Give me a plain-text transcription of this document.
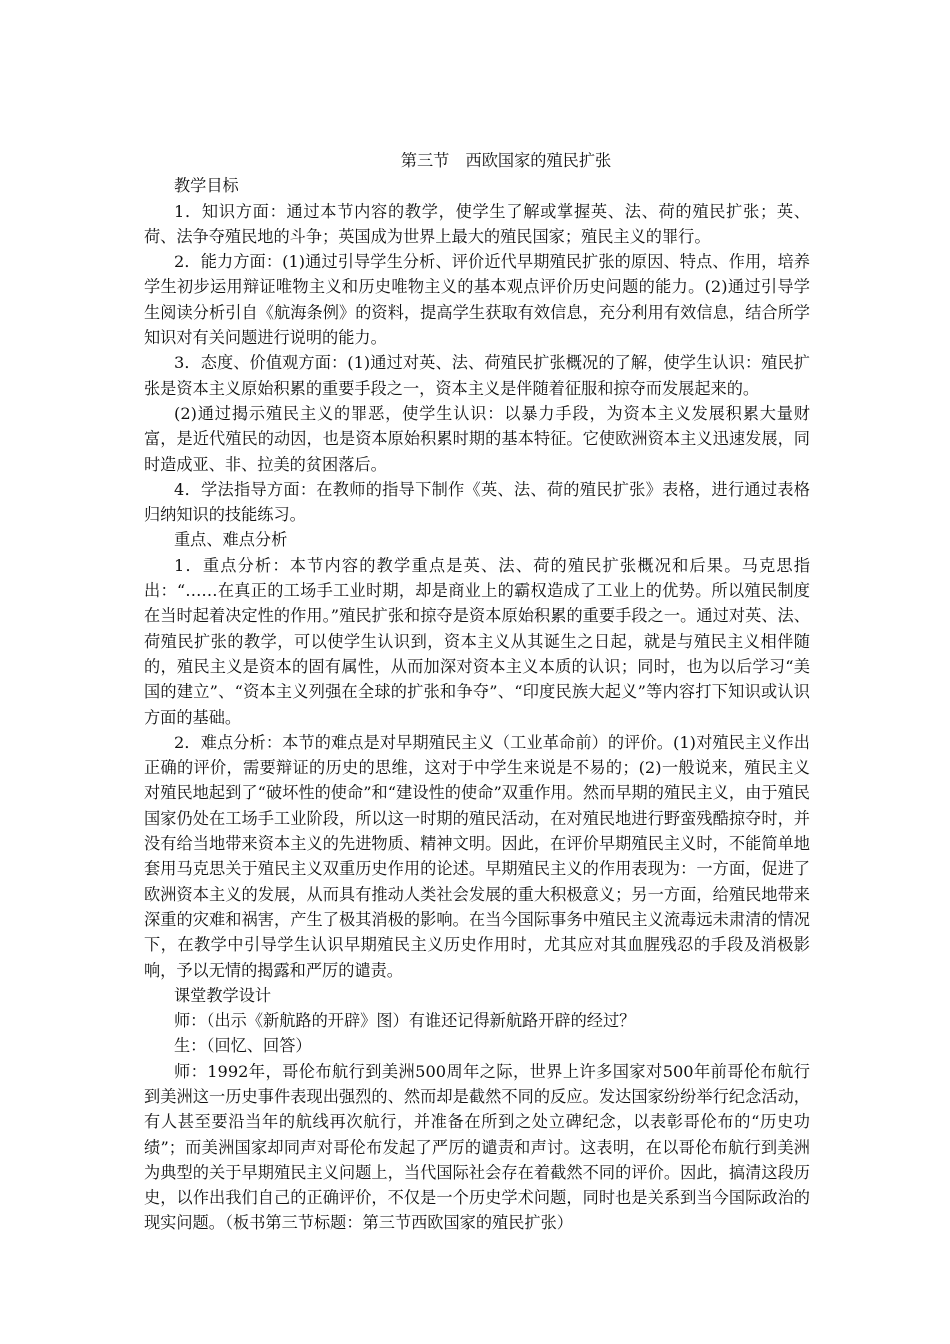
第三节　西欧国家的殖民扩张
教学目标

1．知识方面：通过本节内容的教学，使学生了解或掌握英、法、荷的殖民扩张；英、荷、法争夺殖民地的斗争；英国成为世界上最大的殖民国家；殖民主义的罪行。

2．能力方面：(1)通过引导学生分析、评价近代早期殖民扩张的原因、特点、作用，培养学生初步运用辩证唯物主义和历史唯物主义的基本观点评价历史问题的能力。(2)通过引导学生阅读分析引自《航海条例》的资料，提高学生获取有效信息，充分利用有效信息，结合所学知识对有关问题进行说明的能力。

3．态度、价值观方面：(1)通过对英、法、荷殖民扩张概况的了解，使学生认识：殖民扩张是资本主义原始积累的重要手段之一，资本主义是伴随着征服和掠夺而发展起来的。

(2)通过揭示殖民主义的罪恶，使学生认识：以暴力手段，为资本主义发展积累大量财富，是近代殖民的动因，也是资本原始积累时期的基本特征。它使欧洲资本主义迅速发展，同时造成亚、非、拉美的贫困落后。

4．学法指导方面：在教师的指导下制作《英、法、荷的殖民扩张》表格，进行通过表格归纳知识的技能练习。

重点、难点分析

1．重点分析：本节内容的教学重点是英、法、荷的殖民扩张概况和后果。马克思指出：“……在真正的工场手工业时期，却是商业上的霸权造成了工业上的优势。所以殖民制度在当时起着决定性的作用。”殖民扩张和掠夺是资本原始积累的重要手段之一。通过对英、法、荷殖民扩张的教学，可以使学生认识到，资本主义从其诞生之日起，就是与殖民主义相伴随的，殖民主义是资本的固有属性，从而加深对资本主义本质的认识；同时，也为以后学习“美国的建立”、“资本主义列强在全球的扩张和争夺”、“印度民族大起义”等内容打下知识或认识方面的基础。

2．难点分析：本节的难点是对早期殖民主义（工业革命前）的评价。(1)对殖民主义作出正确的评价，需要辩证的历史的思维，这对于中学生来说是不易的；(2)一般说来，殖民主义对殖民地起到了“破坏性的使命”和“建设性的使命”双重作用。然而早期的殖民主义，由于殖民国家仍处在工场手工业阶段，所以这一时期的殖民活动，在对殖民地进行野蛮残酷掠夺时，并没有给当地带来资本主义的先进物质、精神文明。因此，在评价早期殖民主义时，不能简单地套用马克思关于殖民主义双重历史作用的论述。早期殖民主义的作用表现为：一方面，促进了欧洲资本主义的发展，从而具有推动人类社会发展的重大积极意义；另一方面，给殖民地带来深重的灾难和祸害，产生了极其消极的影响。在当今国际事务中殖民主义流毒远未肃清的情况下，在教学中引导学生认识早期殖民主义历史作用时，尤其应对其血腥残忍的手段及消极影响，予以无情的揭露和严厉的谴责。

课堂教学设计

师：（出示《新航路的开辟》图）有谁还记得新航路开辟的经过？

生：（回忆、回答）

师：1992年，哥伦布航行到美洲500周年之际，世界上许多国家对500年前哥伦布航行到美洲这一历史事件表现出强烈的、然而却是截然不同的反应。发达国家纷纷举行纪念活动，有人甚至要沿当年的航线再次航行，并准备在所到之处立碑纪念，以表彰哥伦布的“历史功绩”；而美洲国家却同声对哥伦布发起了严厉的谴责和声讨。这表明，在以哥伦布航行到美洲为典型的关于早期殖民主义问题上，当代国际社会存在着截然不同的评价。因此，搞清这段历史，以作出我们自己的正确评价，不仅是一个历史学术问题，同时也是关系到当今国际政治的现实问题。（板书第三节标题：第三节西欧国家的殖民扩张）
